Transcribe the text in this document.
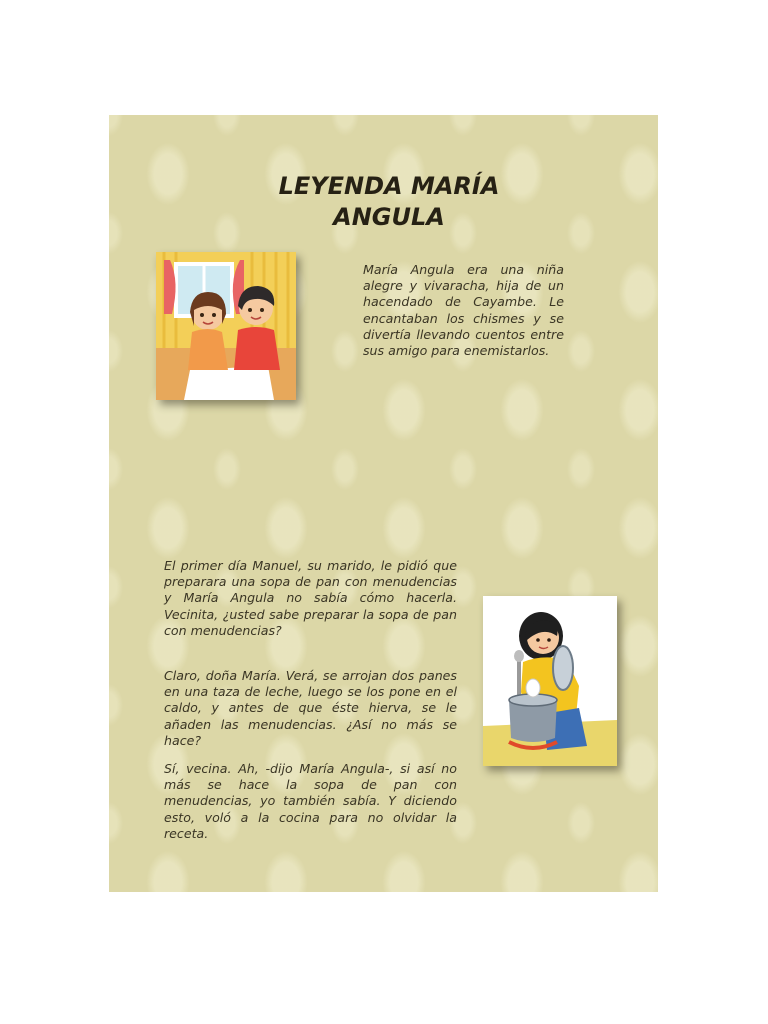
LEYENDA MARÍA
ANGULA

María Angula era una niña alegre y vivaracha, hija de un hacendado de Cayambe. Le encantaban los chismes y se divertía llevando cuentos entre sus amigo para enemistarlos.

El primer día Manuel, su marido, le pidió que preparara una sopa de pan con menudencias y María Angula no sabía cómo hacerla. Vecinita, ¿usted sabe preparar la sopa de pan con menudencias?

Claro, doña María. Verá, se arrojan dos panes en una taza de leche, luego se los pone en el caldo, y antes de que éste hierva, se le añaden las menudencias. ¿Así no más se hace?

Sí, vecina. Ah, -dijo María Angula-, si así no más se hace la sopa de pan con menudencias, yo también sabía. Y diciendo esto, voló a la cocina para no olvidar la receta.
